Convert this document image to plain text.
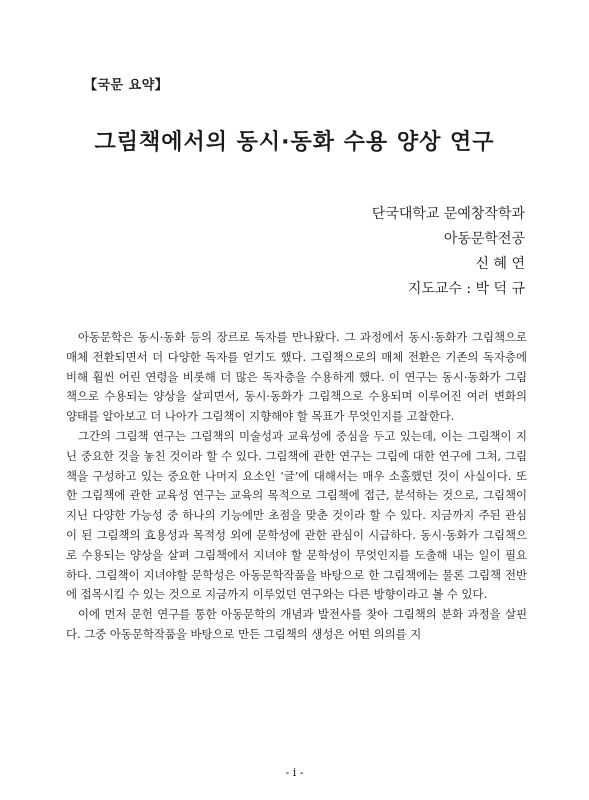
【국문 요약】
그림책에서의 동시·동화 수용 양상 연구
단국대학교 문예창작학과
아동문학전공
신 혜 연
지도교수 : 박 덕 규

아동문학은 동시·동화 등의 장르로 독자를 만나왔다. 그 과정에서 동시·동화가 그림책으로 매체 전환되면서 더 다양한 독자를 얻기도 했다. 그림책으로의 매체 전환은 기존의 독자층에 비해 훨씬 어린 연령을 비롯해 더 많은 독자층을 수용하게 했다. 이 연구는 동시·동화가 그림책으로 수용되는 양상을 살피면서, 동시·동화가 그림책으로 수용되며 이루어진 여러 변화의 양태를 알아보고 더 나아가 그림책이 지향해야 할 목표가 무엇인지를 고찰한다.

그간의 그림책 연구는 그림책의 미술성과 교육성에 중심을 두고 있는데, 이는 그림책이 지닌 중요한 것을 놓친 것이라 할 수 있다. 그림책에 관한 연구는 그림에 대한 연구에 그쳐, 그림책을 구성하고 있는 중요한 나머지 요소인 ‘글’에 대해서는 매우 소홀했던 것이 사실이다. 또한 그림책에 관한 교육성 연구는 교육의 목적으로 그림책에 접근, 분석하는 것으로, 그림책이 지닌 다양한 가능성 중 하나의 기능에만 초점을 맞춘 것이라 할 수 있다. 지금까지 주된 관심이 된 그림책의 효용성과 목적성 외에 문학성에 관한 관심이 시급하다. 동시·동화가 그림책으로 수용되는 양상을 살펴 그림책에서 지녀야 할 문학성이 무엇인지를 도출해 내는 일이 필요하다. 그림책이 지녀야할 문학성은 아동문학작품을 바탕으로 한 그림책에는 물론 그림책 전반에 접목시킬 수 있는 것으로 지금까지 이루었던 연구와는 다른 방향이라고 볼 수 있다.

이에 먼저 문헌 연구를 통한 아동문학의 개념과 발전사를 찾아 그림책의 분화 과정을 살핀다. 그중 아동문학작품을 바탕으로 만든 그림책의 생성은 어떤 의의를 지

- i -
